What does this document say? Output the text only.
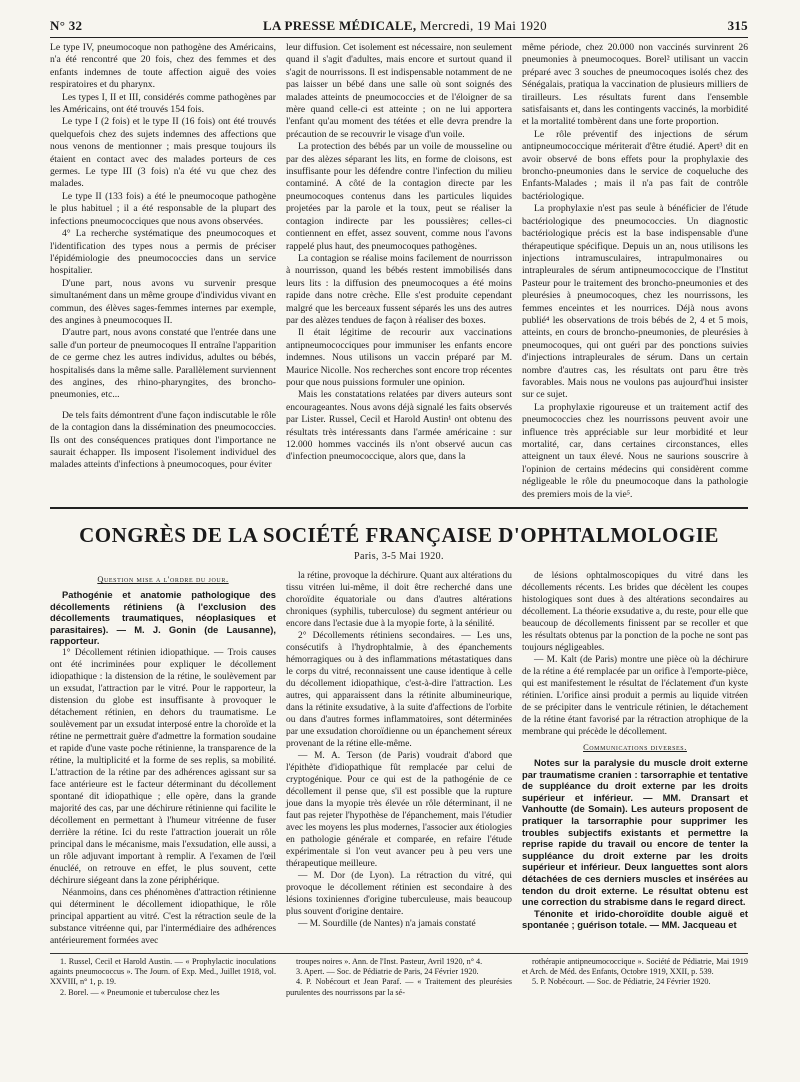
N° 32	LA PRESSE MÉDICALE, Mercredi, 19 Mai 1920	315

Le type IV, pneumocoque non pathogène des Américains, n'a été rencontré que 20 fois, chez des femmes et des enfants indemnes de toute affection aiguë des voies respiratoires et du pharynx.

Les types I, II et III, considérés comme pathogènes par les Américains, ont été trouvés 154 fois.

Le type I (2 fois) et le type II (16 fois) ont été trouvés quelquefois chez des sujets indemnes des affections que nous venons de mentionner ; mais presque toujours ils étaient en contact avec des malades porteurs de ces germes. Le type III (3 fois) n'a été vu que chez des malades.

Le type II (133 fois) a été le pneumocoque pathogène le plus habituel ; il a été responsable de la plupart des infections pneumococciques que nous avons observées.

4° La recherche systématique des pneumocoques et l'identification des types nous a permis de préciser l'épidémiologie des pneumococcies dans un service hospitalier.

D'une part, nous avons vu survenir presque simultanément dans un même groupe d'individus vivant en commun, des élèves sages-femmes internes par exemple, des angines à pneumocoques II.

D'autre part, nous avons constaté que l'entrée dans une salle d'un porteur de pneumocoques II entraîne l'apparition de ce germe chez les autres individus, adultes ou bébés, hospitalisés dans la même salle. Parallèlement surviennent des angines, des rhino-pharyngites, des broncho-pneumonies, etc...

De tels faits démontrent d'une façon indiscutable le rôle de la contagion dans la dissémination des pneumococcies. Ils ont des conséquences pratiques dont l'importance ne saurait échapper. Ils imposent l'isolement individuel des malades atteints d'infections à pneumocoques, pour éviter

leur diffusion. Cet isolement est nécessaire, non seulement quand il s'agit d'adultes, mais encore et surtout quand il s'agit de nourrissons. Il est indispensable notamment de ne pas laisser un bébé dans une salle où sont soignés des malades atteints de pneumococcies et de l'éloigner de sa mère quand celle-ci est atteinte ; on ne lui apportera l'enfant qu'au moment des tétées et elle devra prendre la précaution de se recouvrir le visage d'un voile.

La protection des bébés par un voile de mousseline ou par des alèzes séparant les lits, en forme de cloisons, est insuffisante pour les défendre contre l'infection du milieu contaminé. A côté de la contagion directe par les pneumocoques contenus dans les particules liquides projetées par la parole et la toux, peut se réaliser la contagion indirecte par les poussières; celles-ci contiennent en effet, assez souvent, comme nous l'avons rappelé plus haut, des pneumocoques pathogènes.

La contagion se réalise moins facilement de nourrisson à nourrisson, quand les bébés restent immobilisés dans leurs lits : la diffusion des pneumocoques a été moins rapide dans notre crèche. Elle s'est produite cependant malgré que les berceaux fussent séparés les uns des autres par des alèzes tendues de façon à réaliser des boxes.

Il était légitime de recourir aux vaccinations antipneumococciques pour immuniser les enfants encore indemnes. Nous utilisons un vaccin préparé par M. Maurice Nicolle. Nos recherches sont encore trop récentes pour que nous puissions formuler une opinion.

Mais les constatations relatées par divers auteurs sont encourageantes. Nous avons déjà signalé les faits observés par Lister. Russel, Cecil et Harold Austin¹ ont obtenu des résultats très intéressants dans l'armée américaine : sur 12.000 hommes vaccinés ils n'ont observé aucun cas d'infection pneumococcique, alors que, dans la

même période, chez 20.000 non vaccinés survinrent 26 pneumonies à pneumocoques. Borel² utilisant un vaccin préparé avec 3 souches de pneumocoques isolés chez des Sénégalais, pratiqua la vaccination de plusieurs milliers de tirailleurs. Les résultats furent dans l'ensemble satisfaisants et, dans les contingents vaccinés, la morbidité et la mortalité tombèrent dans une forte proportion.

Le rôle préventif des injections de sérum antipneumococcique mériterait d'être étudié. Apert³ dit en avoir observé de bons effets pour la prophylaxie des broncho-pneumonies dans le service de coqueluche des Enfants-Malades ; mais il n'a pas fait de contrôle bactériologique.

La prophylaxie n'est pas seule à bénéficier de l'étude bactériologique des pneumococcies. Un diagnostic bactériologique précis est la base indispensable d'une thérapeutique spécifique. Depuis un an, nous utilisons les injections intramusculaires, intrapulmonaires ou intrapleurales de sérum antipneumococcique de l'Institut Pasteur pour le traitement des broncho-pneumonies et des pleurésies à pneumocoques, chez les nourrissons, les femmes enceintes et les nourrices. Déjà nous avons publié⁴ les observations de trois bébés de 2, 4 et 5 mois, atteints, en cours de broncho-pneumonies, de pleurésies à pneumocoques, qui ont guéri par des ponctions suivies d'injections intrapleurales de sérum. Dans un certain nombre d'autres cas, les résultats ont paru être très favorables. Mais nous ne voulons pas aujourd'hui insister sur ce sujet.

La prophylaxie rigoureuse et un traitement actif des pneumococcies chez les nourrissons peuvent avoir une influence très appréciable sur leur morbidité et leur mortalité, car, dans certaines circonstances, elles atteignent un taux élevé. Nous ne saurions souscrire à l'opinion de certains médecins qui considèrent comme négligeable le rôle du pneumocoque dans la pathologie des premiers mois de la vie⁵.

CONGRÈS DE LA SOCIÉTÉ FRANÇAISE D'OPHTALMOLOGIE
Paris, 3-5 Mai 1920.
Question mise a l'ordre du jour.
Pathogénie et anatomie pathologique des décollements rétiniens (à l'exclusion des décollements traumatiques, néoplasiques et parasitaires). — M. J. Gonin (de Lausanne), rapporteur.

1° Décollement rétinien idiopathique. — Trois causes ont été incriminées pour expliquer le décollement idiopathique : la distension de la rétine, le soulèvement par un exsudat, l'attraction par le vitré. Pour le rapporteur, la distension du globe est insuffisante à provoquer le détachement rétinien, en dehors du traumatisme. Le soulèvement par un exsudat interposé entre la choroïde et la rétine ne permettrait guère d'admettre la formation soudaine et rapide d'une vaste poche rétinienne, la transparence de la rétine, la multiplicité et la forme de ses replis, sa mobilité. L'attraction de la rétine par des adhérences agissant sur sa face antérieure est le facteur déterminant du décollement spontané dit idiopathique ; elle opère, dans la grande majorité des cas, par une déchirure rétinienne qui facilite le décollement en permettant à l'humeur vitréenne de fuser derrière la rétine. Ici du reste l'attraction jouerait un rôle principal dans le mécanisme, mais l'exsudation, elle aussi, a un rôle adjuvant important à remplir. A l'examen de l'œil énucléé, on retrouve en effet, le plus souvent, cette déchirure siégeant dans la zone périphérique.

Néanmoins, dans ces phénomènes d'attraction rétinienne qui déterminent le décollement idiopathique, le rôle principal appartient au vitré. C'est la rétraction seule de la substance vitréenne qui, par l'intermédiaire des adhérences antérieurement formées avec

la rétine, provoque la déchirure. Quant aux altérations du tissu vitréen lui-même, il doit être recherché dans une choroïdite équatoriale ou dans d'autres altérations chroniques (syphilis, tuberculose) du segment antérieur ou encore dans l'ectasie due à la myopie forte, à la sénilité.

2° Décollements rétiniens secondaires. — Les uns, consécutifs à l'hydrophtalmie, à des épanchements hémorragiques ou à des inflammations métastatiques dans le corps du vitré, reconnaissent une cause identique à celle du décollement idiopathique, c'est-à-dire l'attraction. Les autres, qui apparaissent dans la rétinite albumineurique, dans la rétinite exsudative, à la suite d'affections de l'orbite ou dans d'autres formes inflammatoires, sont déterminées par une exsudation choroïdienne ou un épanchement séreux provenant de la rétine elle-même.

— M. A. Terson (de Paris) voudrait d'abord que l'épithète d'idiopathique fût remplacée par celui de cryptogénique. Pour ce qui est de la pathogénie de ce décollement il pense que, s'il est possible que la rupture joue dans la myopie très élevée un rôle déterminant, il ne faut pas rejeter l'hypothèse de l'épanchement, mais l'étudier avec les moyens les plus modernes, l'associer aux étiologies en pathologie générale et comparée, en refaire l'étude expérimentale si l'on veut avancer peu à peu vers une thérapeutique meilleure.

— M. Dor (de Lyon). La rétraction du vitré, qui provoque le décollement rétinien est secondaire à des lésions toxiniennes d'origine tuberculeuse, mais beaucoup plus souvent d'origine dentaire.

— M. Sourdille (de Nantes) n'a jamais constaté

de lésions ophtalmoscopiques du vitré dans les décollements récents. Les brides que décèlent les coupes histologiques sont dues à des altérations secondaires au décollement. La théorie exsudative a, du reste, pour elle que beaucoup de décollements finissent par se recoller et que les résultats obtenus par la ponction de la poche ne sont pas toujours négligeables.

— M. Kalt (de Paris) montre une pièce où la déchirure de la rétine a été remplacée par un orifice à l'emporte-pièce, qui est manifestement le résultat de l'éclatement d'un kyste rétinien. L'orifice ainsi produit a permis au liquide vitréen de se précipiter dans le ventricule rétinien, le détachement de la rétine étant favorisé par la rétraction atrophique de la membrane qui précède le décollement.

Communications diverses.

Notes sur la paralysie du muscle droit externe par traumatisme cranien : tarsorraphie et tentative de suppléance du droit externe par les droits supérieur et inférieur. — MM. Dransart et Vanhoutte (de Somain). Les auteurs proposent de pratiquer la tarsorraphie pour supprimer les troubles subjectifs existants et permettre la reprise rapide du travail ou encore de tenter la suppléance du droit externe par les droits supérieur et inférieur. Deux languettes sont alors détachées de ces derniers muscles et insérées au tendon du droit externe. Le résultat obtenu est une correction du strabisme dans le regard direct.

Ténonite et irido-choroïdite double aiguë et spontanée ; guérison totale. — MM. Jacqueau et

1. Russel, Cecil et Harold Austin. — « Prophylactic inoculations againts pneumococcus ». The Journ. of Exp. Med., Juillet 1918, vol. XXVIII, n° 1, p. 19.

2. Borel. — « Pneumonie et tuberculose chez les

troupes noires ». Ann. de l'Inst. Pasteur, Avril 1920, n° 4.

3. Apert. — Soc. de Pédiatrie de Paris, 24 Février 1920.

4. P. Nobécourt et Jean Paraf. — « Traitement des pleurésies purulentes des nourrissons par la sé-

rothérapie antipneumococcique ». Société de Pédiatrie, Mai 1919 et Arch. de Méd. des Enfants, Octobre 1919, XXII, p. 539.

5. P. Nobécourt. — Soc. de Pédiatrie, 24 Février 1920.
